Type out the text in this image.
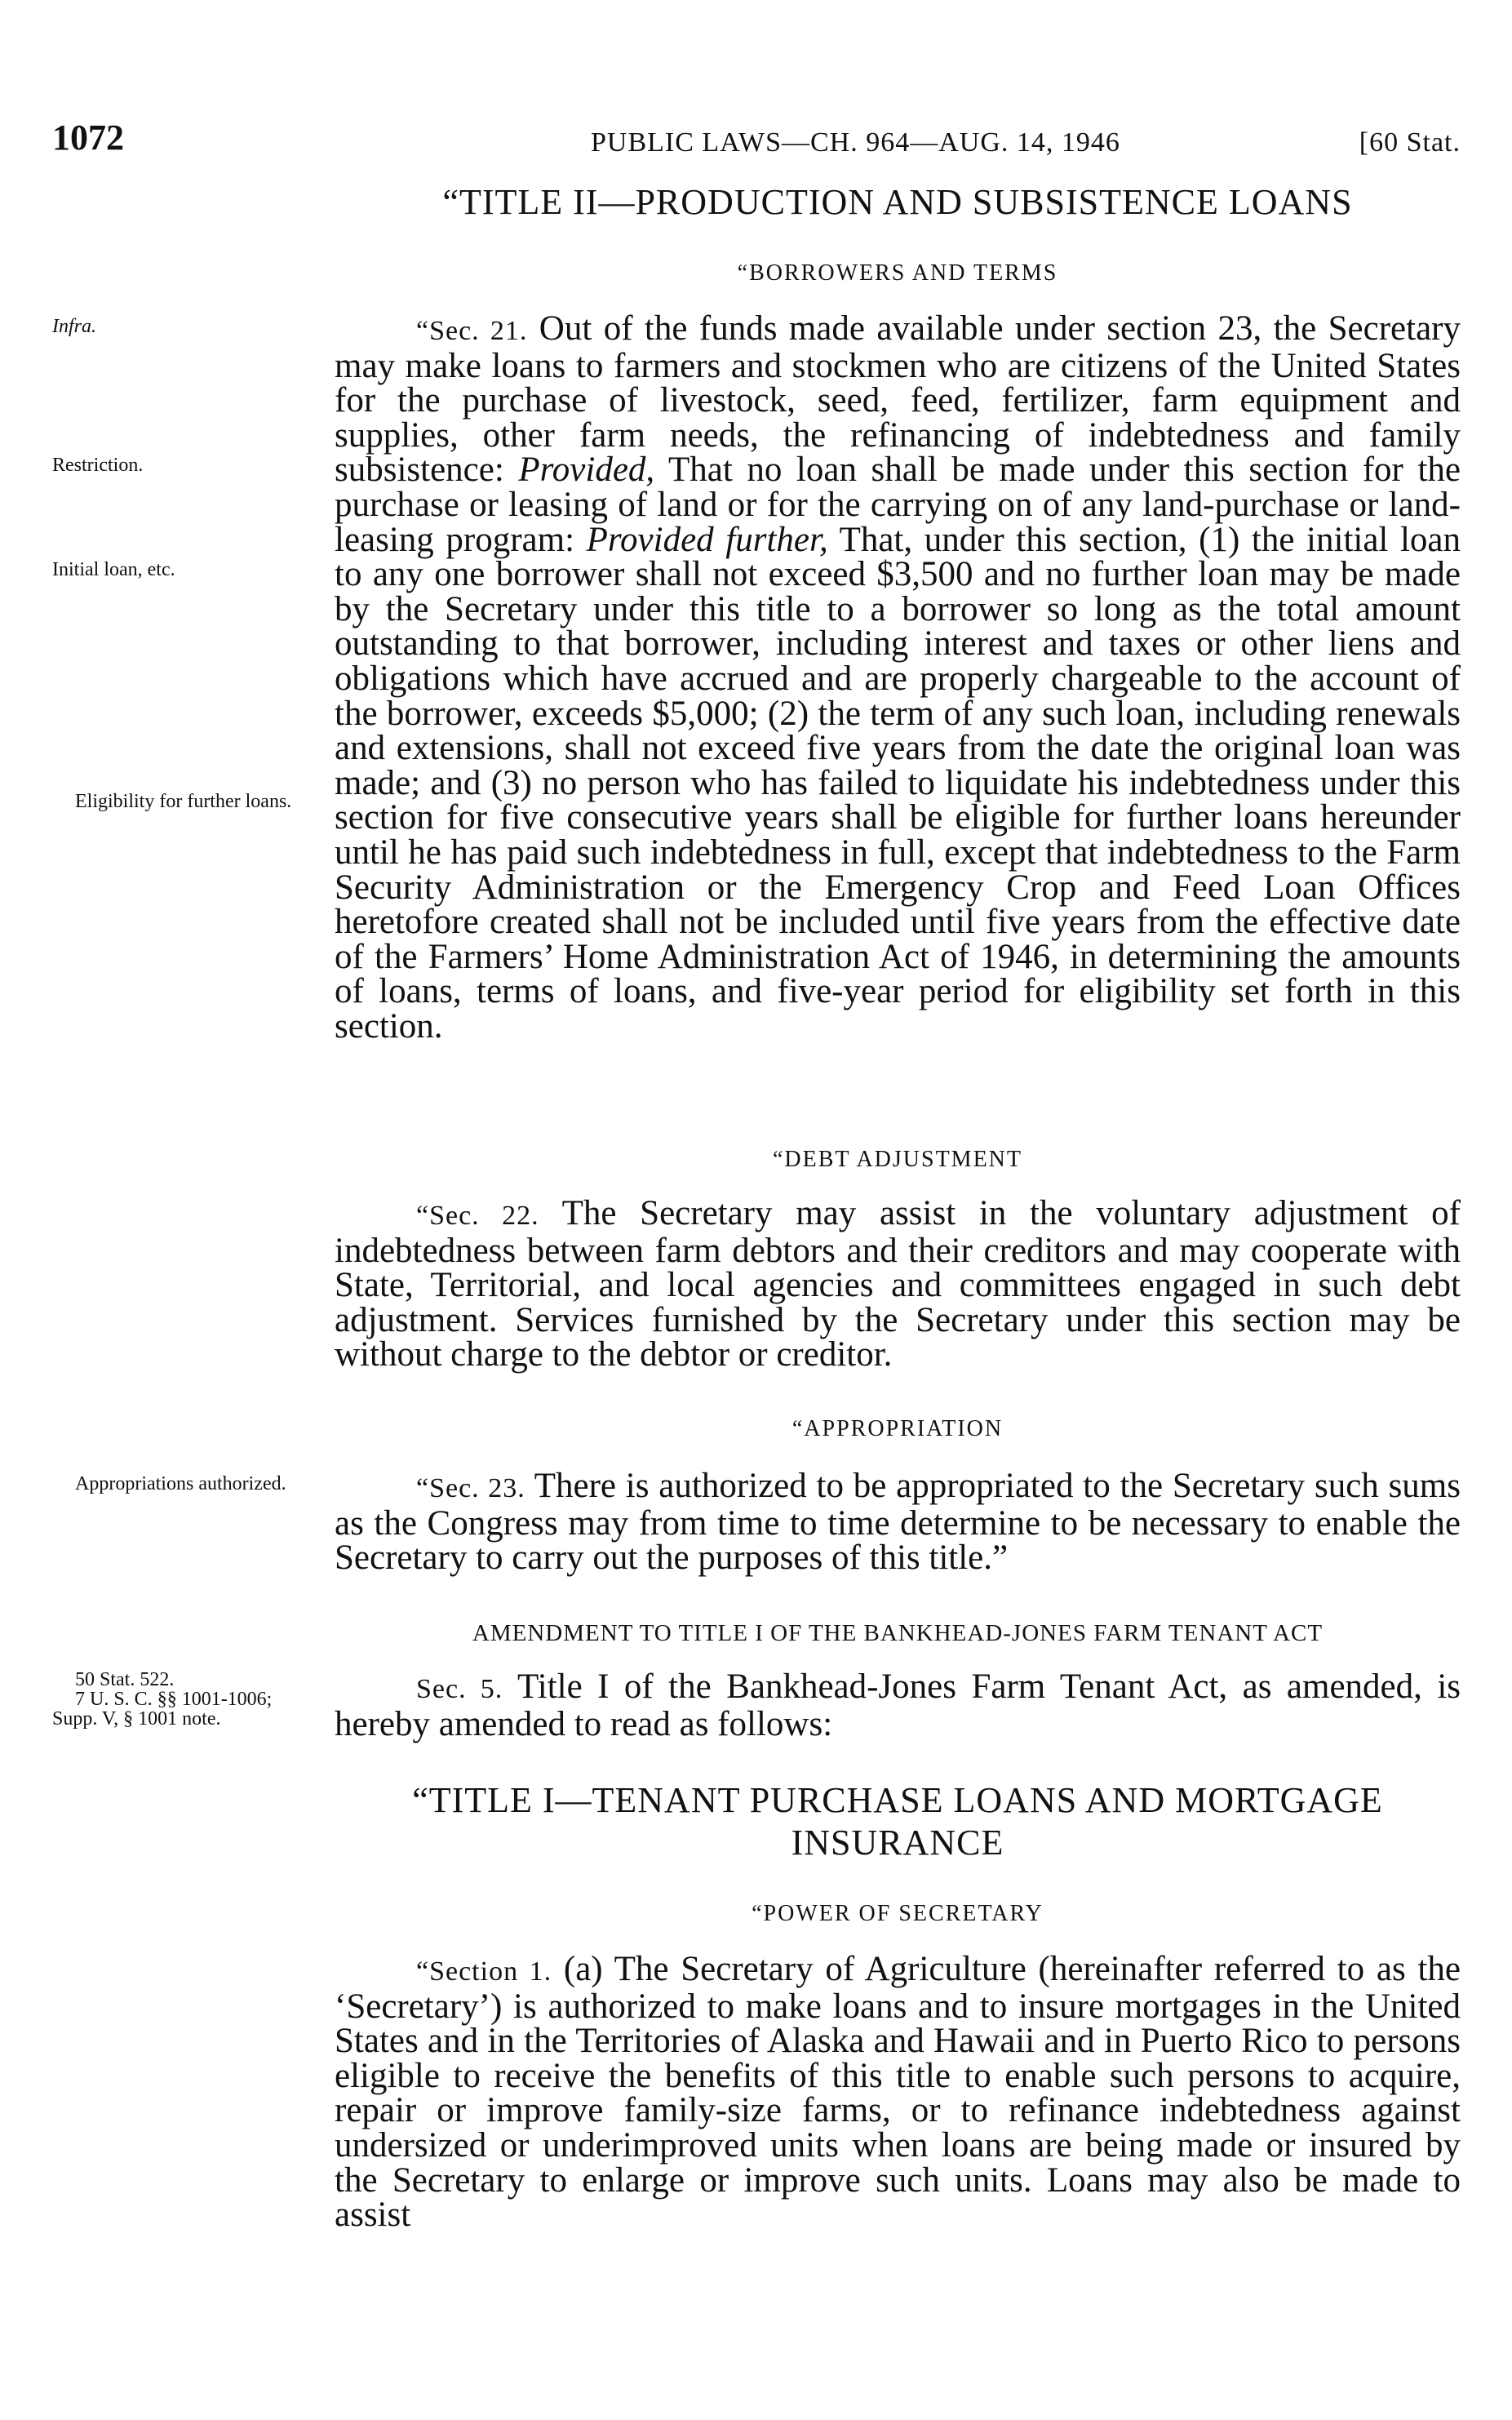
1072	PUBLIC LAWS—CH. 964—AUG. 14, 1946	[60 Stat.
“TITLE II—PRODUCTION AND SUBSISTENCE LOANS
“BORROWERS AND TERMS

“Sec. 21. Out of the funds made available under section 23, the Secretary may make loans to farmers and stockmen who are citizens of the United States for the purchase of livestock, seed, feed, fertilizer, farm equipment and supplies, other farm needs, the refinancing of indebtedness and family subsistence: Provided, That no loan shall be made under this section for the purchase or leasing of land or for the carrying on of any land-purchase or land-leasing program: Provided further, That, under this section, (1) the initial loan to any one borrower shall not exceed $3,500 and no further loan may be made by the Secretary under this title to a borrower so long as the total amount outstanding to that borrower, including interest and taxes or other liens and obligations which have accrued and are properly chargeable to the account of the borrower, exceeds $5,000; (2) the term of any such loan, including renewals and extensions, shall not exceed five years from the date the original loan was made; and (3) no person who has failed to liquidate his indebtedness under this section for five consecutive years shall be eligible for further loans hereunder until he has paid such indebtedness in full, except that indebtedness to the Farm Security Administration or the Emergency Crop and Feed Loan Offices heretofore created shall not be included until five years from the effective date of the Farmers’ Home Administration Act of 1946, in determining the amounts of loans, terms of loans, and five-year period for eligibility set forth in this section.

“DEBT ADJUSTMENT

“Sec. 22. The Secretary may assist in the voluntary adjustment of indebtedness between farm debtors and their creditors and may cooperate with State, Territorial, and local agencies and committees engaged in such debt adjustment. Services furnished by the Secretary under this section may be without charge to the debtor or creditor.

“APPROPRIATION

“Sec. 23. There is authorized to be appropriated to the Secretary such sums as the Congress may from time to time determine to be necessary to enable the Secretary to carry out the purposes of this title.”

AMENDMENT TO TITLE I OF THE BANKHEAD-JONES FARM TENANT ACT

Sec. 5. Title I of the Bankhead-Jones Farm Tenant Act, as amended, is hereby amended to read as follows:

“TITLE I—TENANT PURCHASE LOANS AND MORTGAGE INSURANCE
“POWER OF SECRETARY

“Section 1. (a) The Secretary of Agriculture (hereinafter referred to as the ‘Secretary’) is authorized to make loans and to insure mortgages in the United States and in the Territories of Alaska and Hawaii and in Puerto Rico to persons eligible to receive the benefits of this title to enable such persons to acquire, repair or improve family-size farms, or to refinance indebtedness against undersized or underimproved units when loans are being made or insured by the Secretary to enlarge or improve such units. Loans may also be made to assist

Infra.
Restriction.
Initial loan, etc.
Eligibility for further loans.
Appropriations authorized.
50 Stat. 522.
7 U. S. C. §§ 1001-1006; Supp. V, § 1001 note.
